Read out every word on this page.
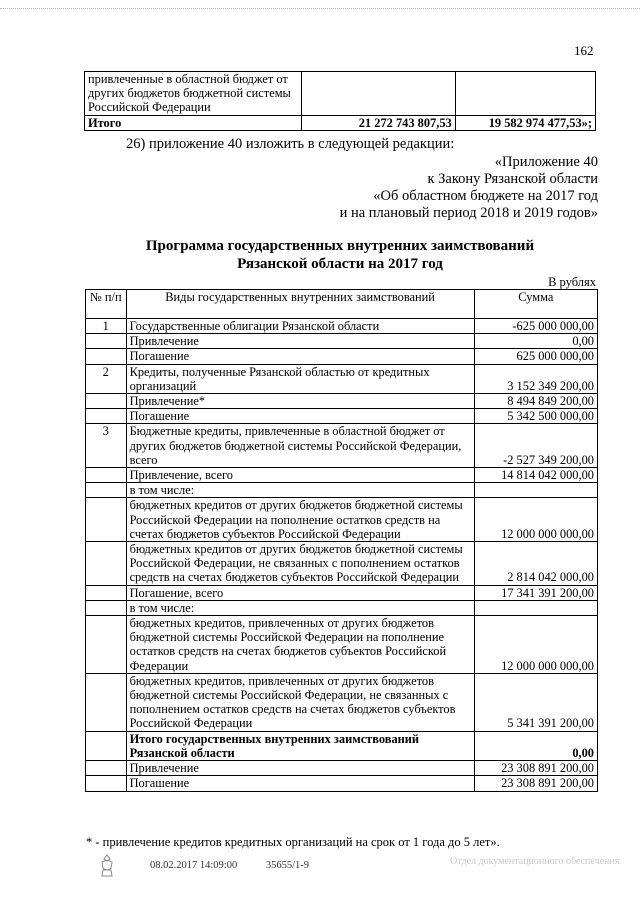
162
привлеченные в областной бюджет от других бюджетов бюджетной системы Российской Федерации		
Итого	21 272 743 807,53	19 582 974 477,53»;
26) приложение 40 изложить в следующей редакции:
«Приложение 40
к Закону Рязанской области
«Об областном бюджете на 2017 год
и на плановый период 2018 и 2019 годов»
Программа государственных внутренних заимствований
Рязанской области на 2017 год
В рублях
№ п/п	Виды государственных внутренних заимствований	Сумма
1	Государственные облигации Рязанской области	-625 000 000,00
	Привлечение	0,00
	Погашение	625 000 000,00
2	Кредиты, полученные Рязанской областью от кредитных организаций	3 152 349 200,00
	Привлечение*	8 494 849 200,00
	Погашение	5 342 500 000,00
3	Бюджетные кредиты, привлеченные в областной бюджет от других бюджетов бюджетной системы Российской Федерации, всего	-2 527 349 200,00
	Привлечение, всего	14 814 042 000,00
	в том числе:	
	бюджетных кредитов от других бюджетов бюджетной системы Российской Федерации на пополнение остатков средств на счетах бюджетов субъектов Российской Федерации	12 000 000 000,00
	бюджетных кредитов от других бюджетов бюджетной системы Российской Федерации, не связанных с пополнением остатков средств на счетах бюджетов субъектов Российской Федерации	2 814 042 000,00
	Погашение, всего	17 341 391 200,00
	в том числе:	
	бюджетных кредитов, привлеченных от других бюджетов бюджетной системы Российской Федерации на пополнение остатков средств на счетах бюджетов субъектов Российской Федерации	12 000 000 000,00
	бюджетных кредитов, привлеченных от других бюджетов бюджетной системы Российской Федерации, не связанных с пополнением остатков средств на счетах бюджетов субъектов Российской Федерации	5 341 391 200,00
	Итого государственных внутренних заимствований Рязанской области	0,00
	Привлечение	23 308 891 200,00
	Погашение	23 308 891 200,00
* - привлечение кредитов кредитных организаций на срок от 1 года до 5 лет».
08.02.2017 14:09:00	35655/1-9	Отдел документационного обеспечения
